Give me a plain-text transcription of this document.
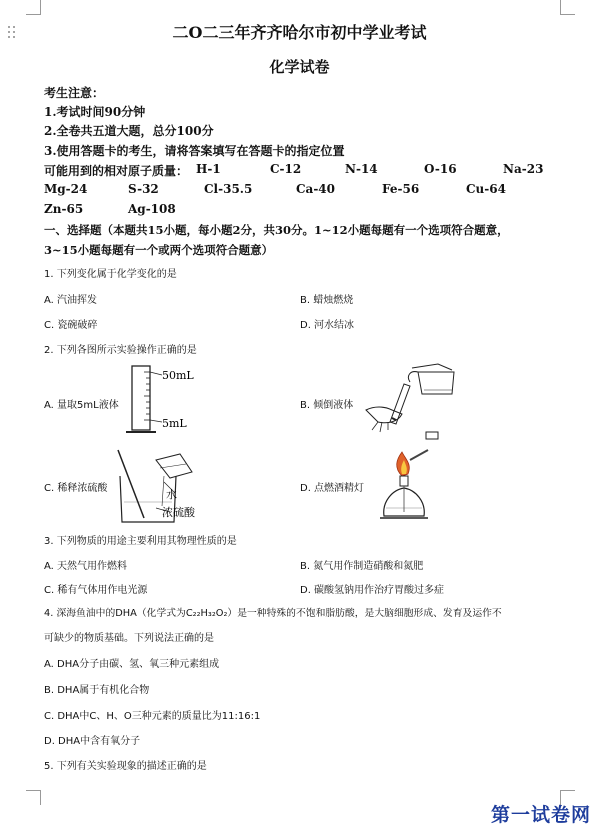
二O二三年齐齐哈尔市初中学业考试
化学试卷
考生注意：
1.考试时间90分钟
2.全卷共五道大题，总分100分
3.使用答题卡的考生，请将答案填写在答题卡的指定位置
可能用到的相对原子质量： H-1	C-12	N-14	O-16	Na-23
Mg-24	S-32	Cl-35.5	Ca-40	Fe-56	Cu-64
Zn-65	Ag-108
一、选择题（本题共15小题，每小题2分，共30分。1~12小题每题有一个选项符合题意，
3~15小题每题有一个或两个选项符合题意）
1. 下列变化属于化学变化的是
A. 汽油挥发	B. 蜡烛燃烧
C. 瓷碗破碎	D. 河水结冰
2. 下列各图所示实验操作正确的是
A. 量取5mL液体	B. 倾倒液体
C. 稀释浓硫酸	D. 点燃酒精灯
50mL
5mL
水
浓硫酸
3. 下列物质的用途主要利用其物理性质的是
A. 天然气用作燃料	B. 氮气用作制造硝酸和氮肥
C. 稀有气体用作电光源	D. 碳酸氢钠用作治疗胃酸过多症
4. 深海鱼油中的DHA（化学式为C₂₂H₃₂O₂）是一种特殊的不饱和脂肪酸，是大脑细胞形成、发育及运作不
可缺少的物质基础。下列说法正确的是
A. DHA分子由碳、氢、氧三种元素组成
B. DHA属于有机化合物
C. DHA中C、H、O三种元素的质量比为11:16:1
D. DHA中含有氧分子
5. 下列有关实验现象的描述正确的是
第一试卷网
